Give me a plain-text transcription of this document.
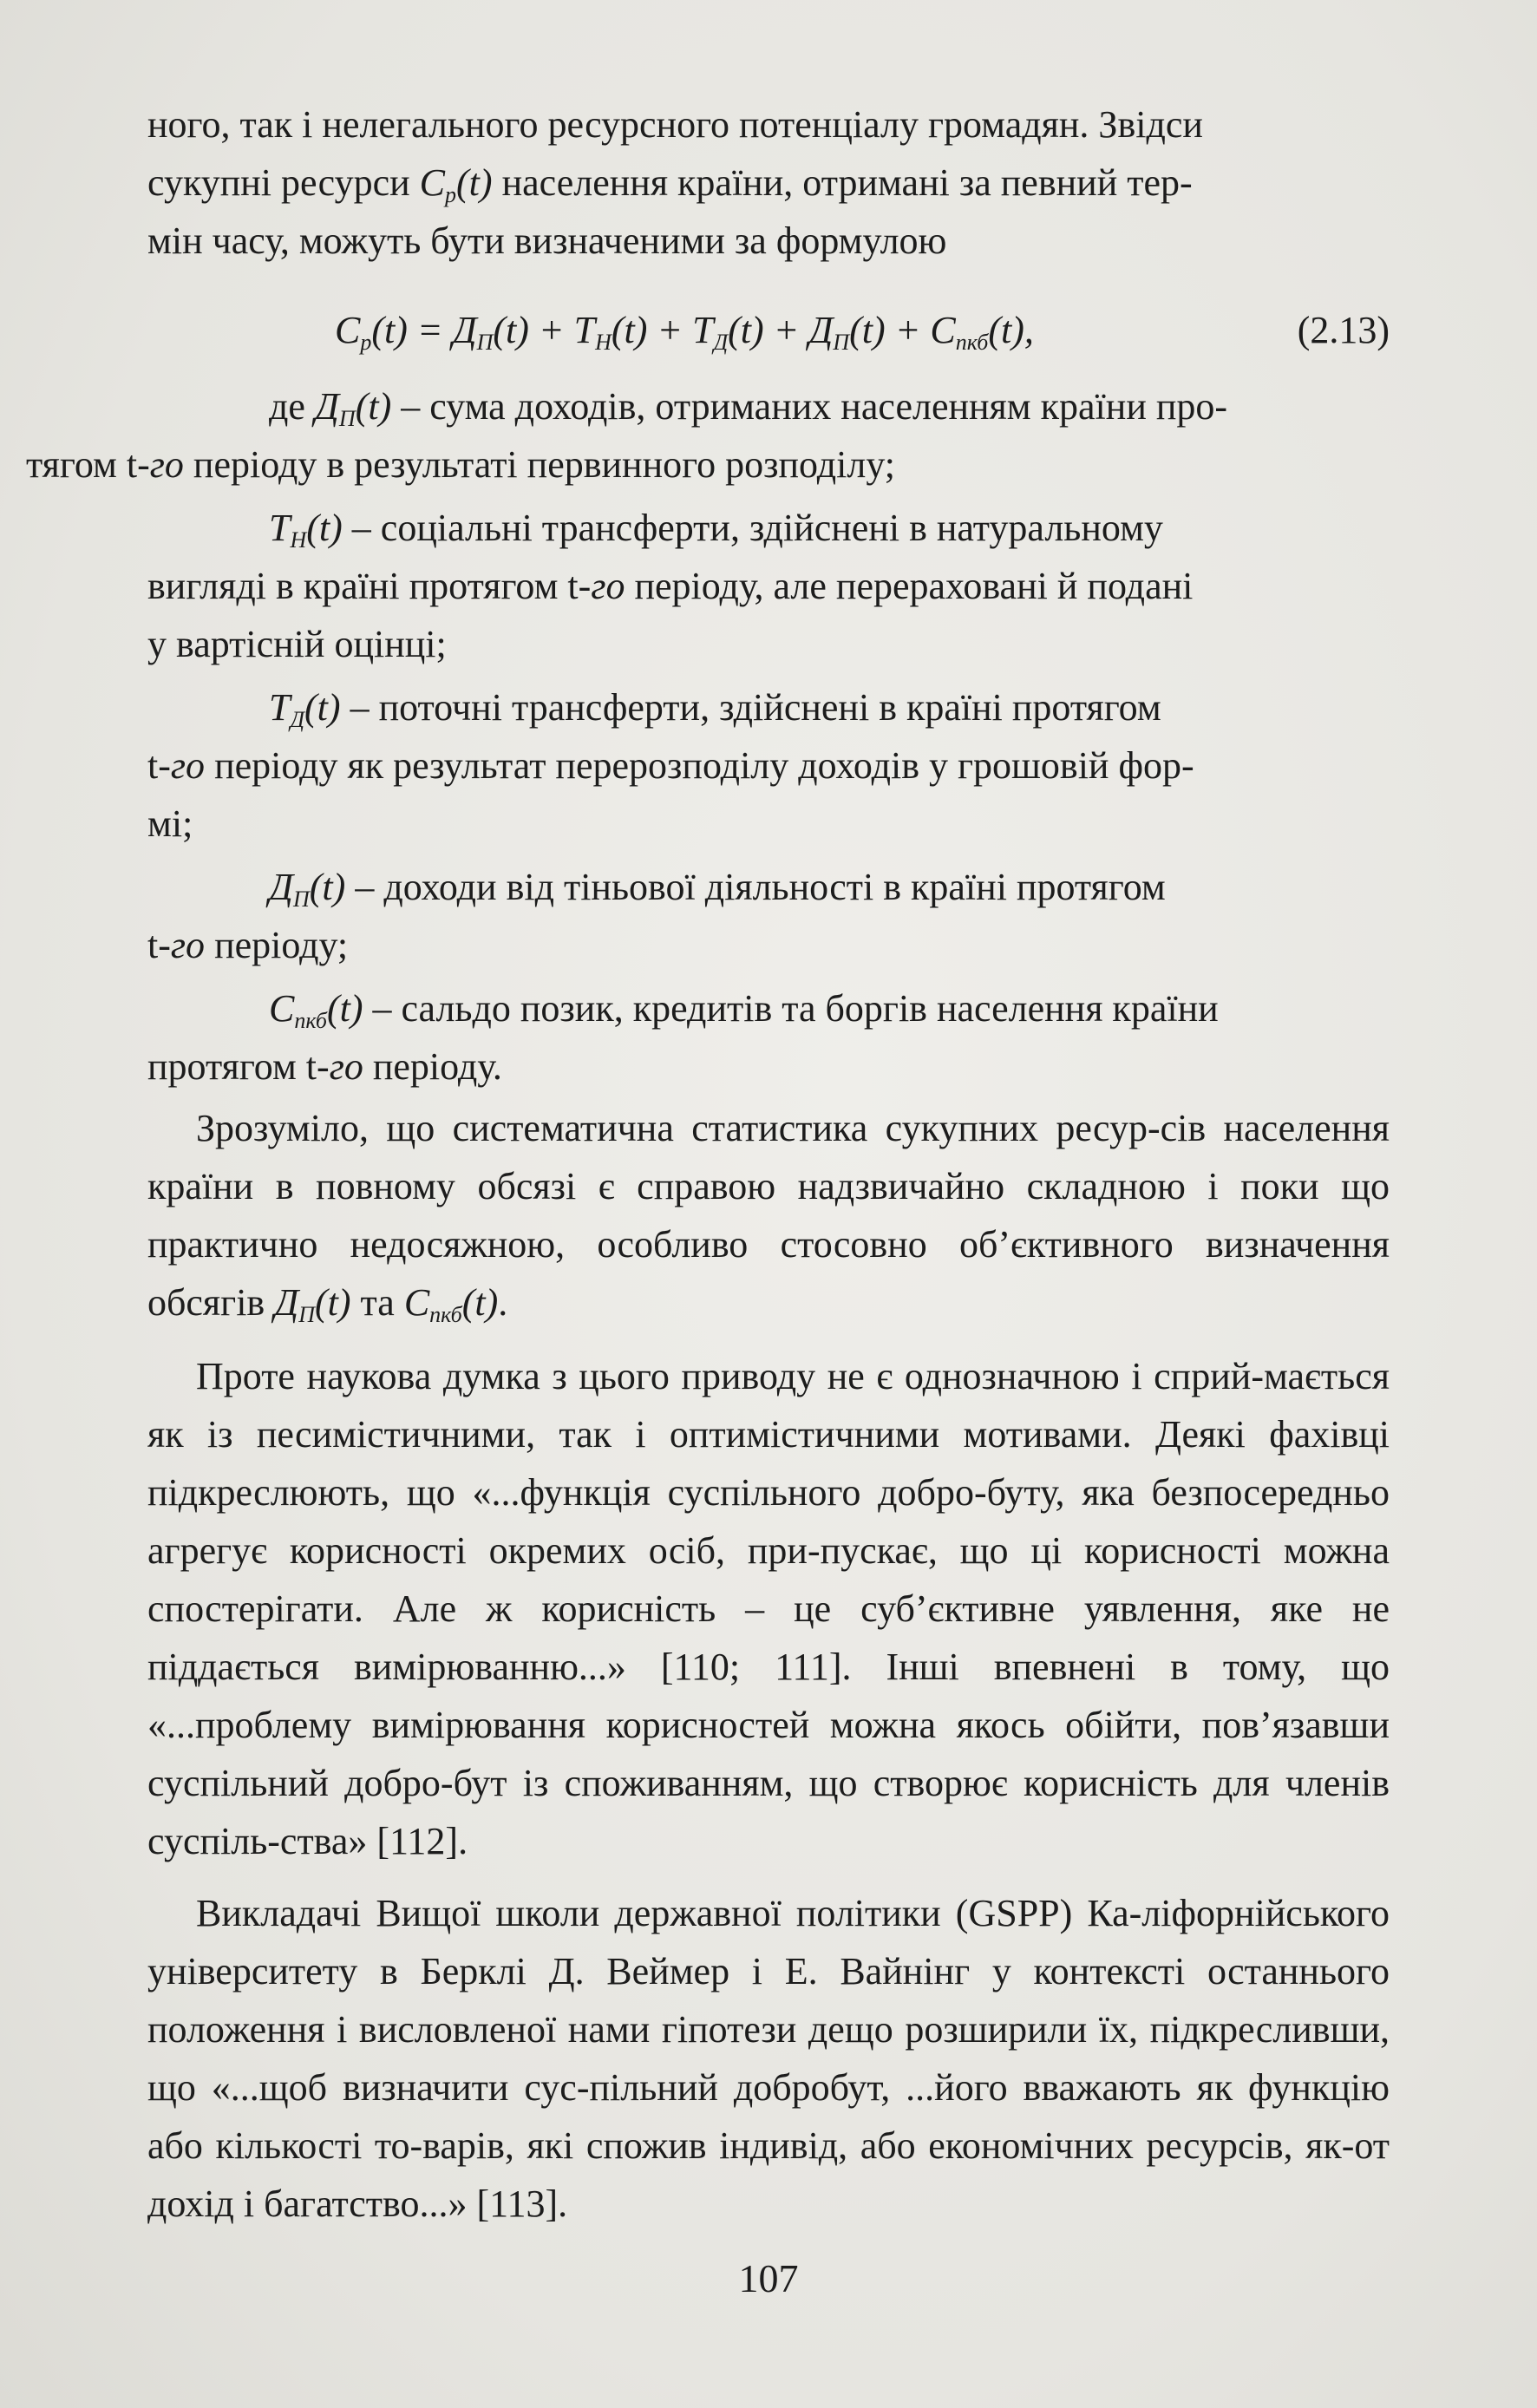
ного, так і нелегального ресурсного потенціалу громадян. Звідси
сукупні ресурси $C_p(t)$ населення країни, отримані за певний тер-
мін часу, можуть бути визначеними за формулою

$C_p(t) = Д_П(t) + T_Н(t) + T_Д(t) + Д_П(t) + C_{пкб}(t)$,	(2.13)

де $Д_П(t)$ – сума доходів, отриманих населенням країни про-
тягом t-го періоду в результаті первинного розподілу;

$T_Н(t)$ – соціальні трансферти, здійснені в натуральному
вигляді в країні протягом t-го періоду, але перераховані й подані
у вартісній оцінці;

$T_Д(t)$ – поточні трансферти, здійснені в країні протягом
t-го періоду як результат перерозподілу доходів у грошовій фор-
мі;

$Д_П(t)$ – доходи від тіньової діяльності в країні протягом
t-го періоду;

$C_{пкб}(t)$ – сальдо позик, кредитів та боргів населення країни
протягом t-го періоду.

Зрозуміло, що систематична статистика сукупних ресур-сів населення країни в повному обсязі є справою надзвичайно складною і поки що практично недосяжною, особливо стосовно об’єктивного визначення обсягів $Д_П(t)$ та $C_{пкб}(t)$.

Проте наукова думка з цього приводу не є однозначною і сприй-мається як із песимістичними, так і оптимістичними мотивами. Деякі фахівці підкреслюють, що «...функція суспільного добро-буту, яка безпосередньо агрегує корисності окремих осіб, при-пускає, що ці корисності можна спостерігати. Але ж корисність – це суб’єктивне уявлення, яке не піддається вимірюванню...» [110; 111]. Інші впевнені в тому, що «...проблему вимірювання корисностей можна якось обійти, пов’язавши суспільний добро-бут із споживанням, що створює корисність для членів суспіль-ства» [112].

Викладачі Вищої школи державної політики (GSPP) Ка-ліфорнійського університету в Берклі Д. Веймер і Е. Вайнінг у контексті останнього положення і висловленої нами гіпотези дещо розширили їх, підкресливши, що «...щоб визначити сус-пільний добробут, ...його вважають як функцію або кількості то-варів, які спожив індивід, або економічних ресурсів, як-от дохід і багатство...» [113].

107
